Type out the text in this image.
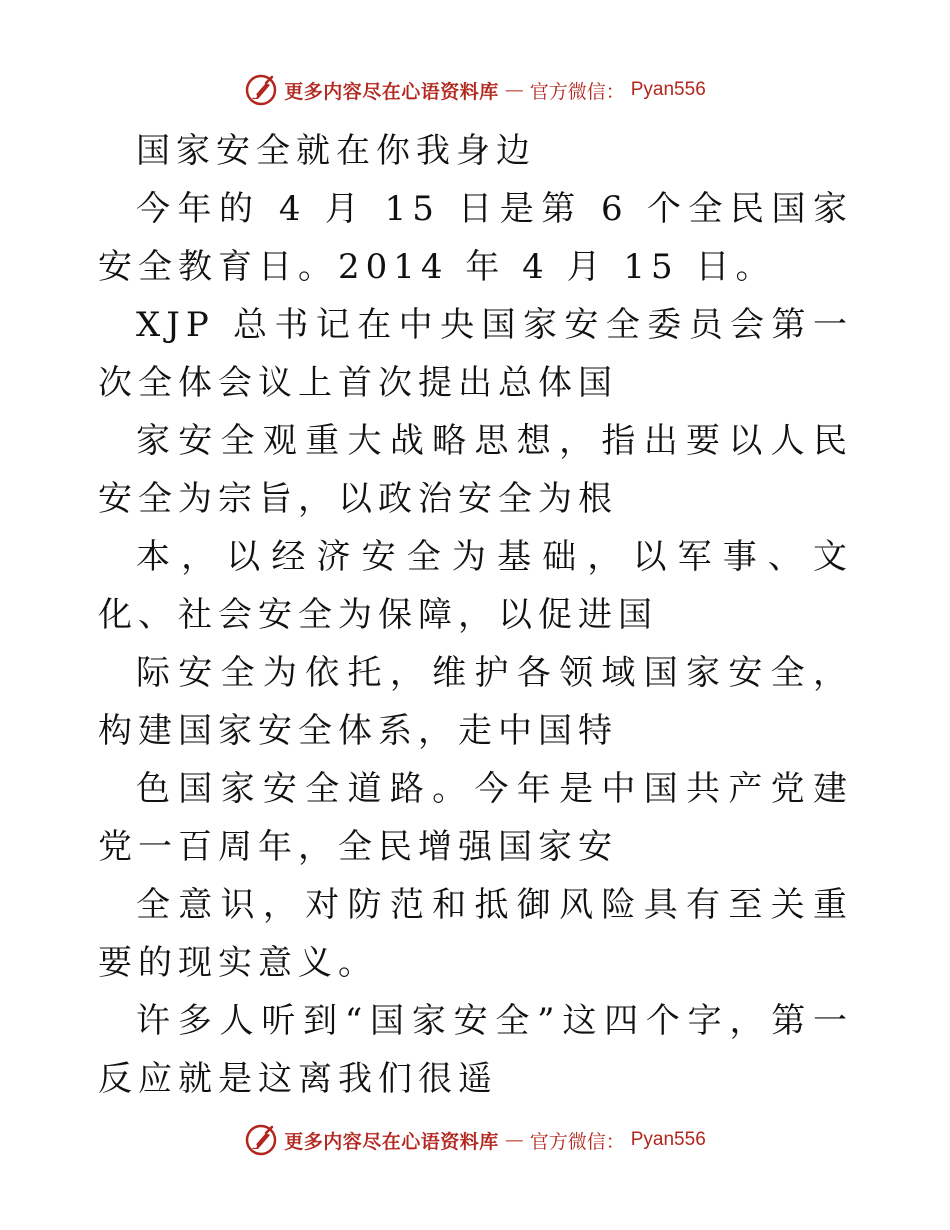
更多内容尽在心语资料库 — 官方微信： Pyan556

国家安全就在你我身边

今年的 4 月 15 日是第 6 个全民国家安全教育日。2014 年 4 月 15 日。

XJP 总书记在中央国家安全委员会第一次全体会议上首次提出总体国

家安全观重大战略思想，指出要以人民安全为宗旨，以政治安全为根

本，以经济安全为基础，以军事、文化、社会安全为保障，以促进国

际安全为依托，维护各领域国家安全，构建国家安全体系，走中国特

色国家安全道路。今年是中国共产党建党一百周年，全民增强国家安

全意识，对防范和抵御风险具有至关重要的现实意义。

许多人听到“国家安全”这四个字，第一反应就是这离我们很遥

更多内容尽在心语资料库 — 官方微信： Pyan556
